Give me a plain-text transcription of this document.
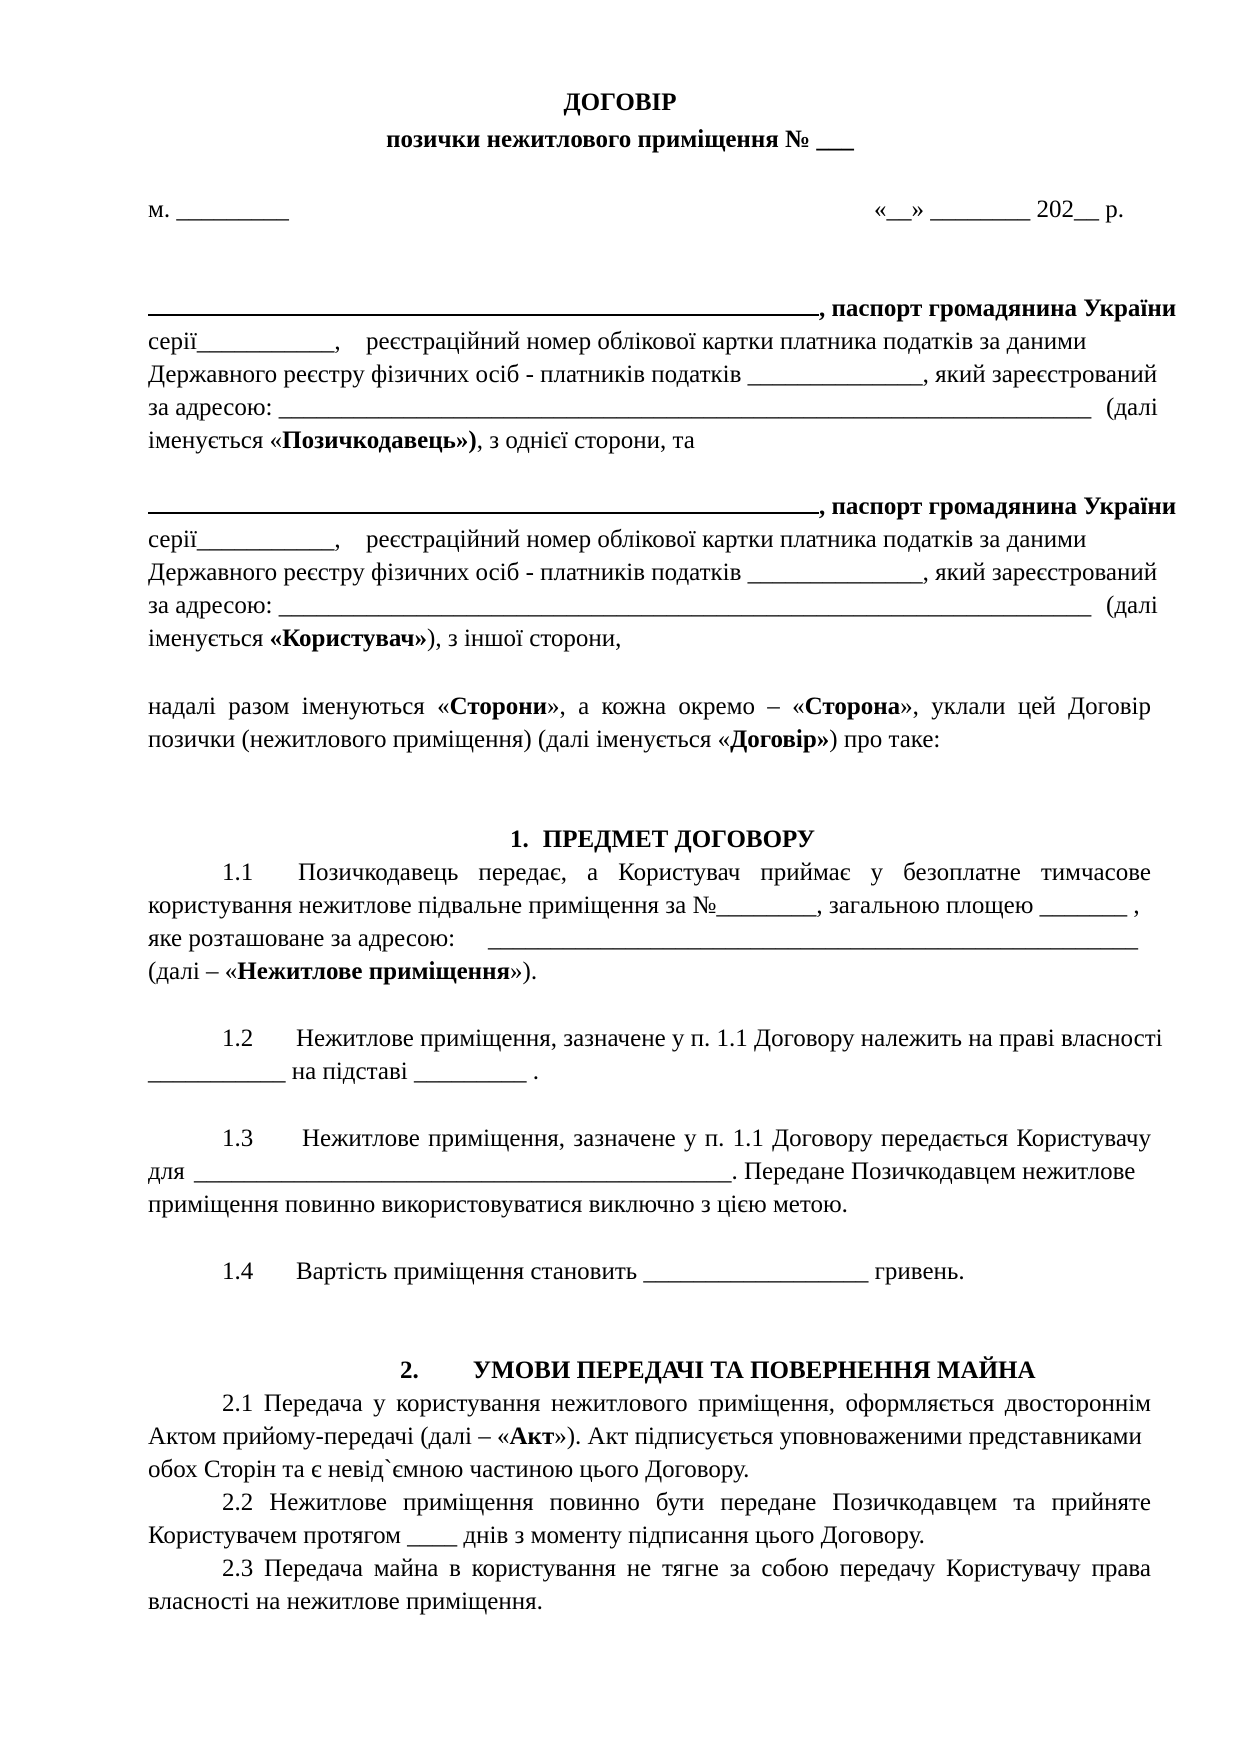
ДОГОВІР
позички нежитлового приміщення № ___
м. _________	«__» ________ 202__ р.
, паспорт громадянина України
серії___________, реєстраційний номер облікової картки платника податків за даними
Державного реєстру фізичних осіб - платників податків ______________, який зареєстрований
за адресою: _________________________________________________________________ (далі
іменується «Позичкодавець»), з однієї сторони, та
, паспорт громадянина України
серії___________, реєстраційний номер облікової картки платника податків за даними
Державного реєстру фізичних осіб - платників податків ______________, який зареєстрований
за адресою: _________________________________________________________________ (далі
іменується «Користувач»), з іншої сторони,
надалі разом іменуються «Сторони», а кожна окремо – «Сторона», уклали цей Договір
позички (нежитлового приміщення) (далі іменується «Договір») про таке:
1. ПРЕДМЕТ ДОГОВОРУ
1.1 Позичкодавець передає, а Користувач приймає у безоплатне тимчасове
користування нежитлове підвальне приміщення за №________, загальною площею _______ ,
яке розташоване за адресою: ____________________________________________________
(далі – «Нежитлове приміщення»).
1.2 Нежитлове приміщення, зазначене у п. 1.1 Договору належить на праві власності
___________ на підставі _________ .
1.3 Нежитлове приміщення, зазначене у п. 1.1 Договору передається Користувачу
для ___________________________________________. Передане Позичкодавцем нежитлове
приміщення повинно використовуватися виключно з цією метою.
1.4 Вартість приміщення становить __________________ гривень.
2. УМОВИ ПЕРЕДАЧІ ТА ПОВЕРНЕННЯ МАЙНА
2.1 Передача у користування нежитлового приміщення, оформляється двостороннім
Актом прийому-передачі (далі – «Акт»). Акт підписується уповноваженими представниками
обох Сторін та є невід`ємною частиною цього Договору.
2.2 Нежитлове приміщення повинно бути передане Позичкодавцем та прийняте
Користувачем протягом ____ днів з моменту підписання цього Договору.
2.3 Передача майна в користування не тягне за собою передачу Користувачу права
власності на нежитлове приміщення.
